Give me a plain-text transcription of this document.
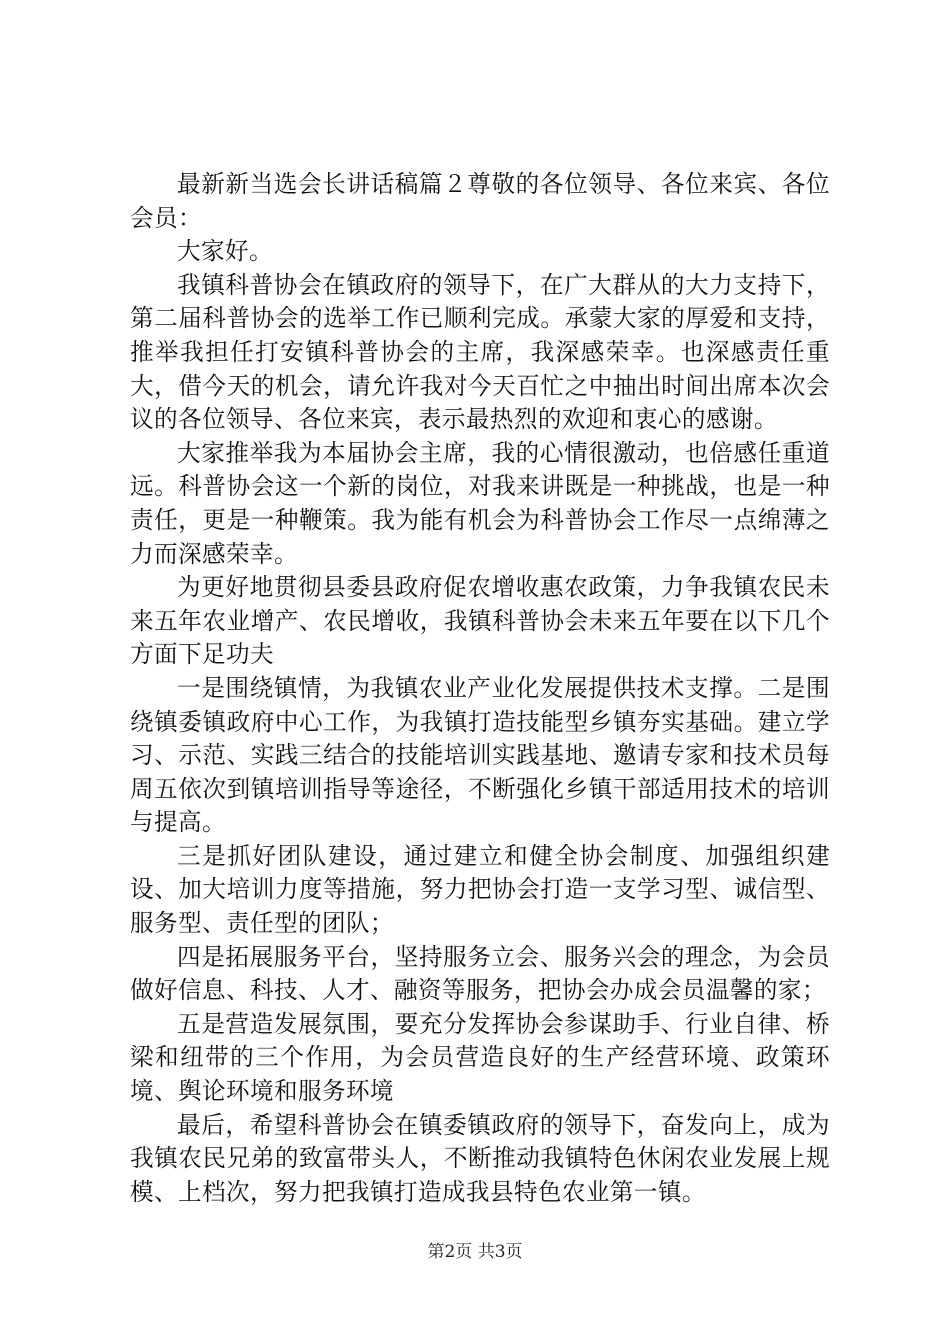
最新新当选会长讲话稿篇２尊敬的各位领导、各位来宾、各位会员：

大家好。

我镇科普协会在镇政府的领导下，在广大群从的大力支持下，第二届科普协会的选举工作已顺利完成。承蒙大家的厚爱和支持，推举我担任打安镇科普协会的主席，我深感荣幸。也深感责任重大，借今天的机会，请允许我对今天百忙之中抽出时间出席本次会议的各位领导、各位来宾，表示最热烈的欢迎和衷心的感谢。

大家推举我为本届协会主席，我的心情很激动，也倍感任重道远。科普协会这一个新的岗位，对我来讲既是一种挑战，也是一种责任，更是一种鞭策。我为能有机会为科普协会工作尽一点绵薄之力而深感荣幸。

为更好地贯彻县委县政府促农增收惠农政策，力争我镇农民未来五年农业增产、农民增收，我镇科普协会未来五年要在以下几个方面下足功夫

一是围绕镇情，为我镇农业产业化发展提供技术支撑。二是围绕镇委镇政府中心工作，为我镇打造技能型乡镇夯实基础。建立学习、示范、实践三结合的技能培训实践基地、邀请专家和技术员每周五依次到镇培训指导等途径，不断强化乡镇干部适用技术的培训与提高。

三是抓好团队建设，通过建立和健全协会制度、加强组织建设、加大培训力度等措施，努力把协会打造一支学习型、诚信型、服务型、责任型的团队；

四是拓展服务平台，坚持服务立会、服务兴会的理念，为会员做好信息、科技、人才、融资等服务，把协会办成会员温馨的家；

五是营造发展氛围，要充分发挥协会参谋助手、行业自律、桥梁和纽带的三个作用，为会员营造良好的生产经营环境、政策环境、舆论环境和服务环境

最后，希望科普协会在镇委镇政府的领导下，奋发向上，成为我镇农民兄弟的致富带头人，不断推动我镇特色休闲农业发展上规模、上档次，努力把我镇打造成我县特色农业第一镇。

第2页 共3页
